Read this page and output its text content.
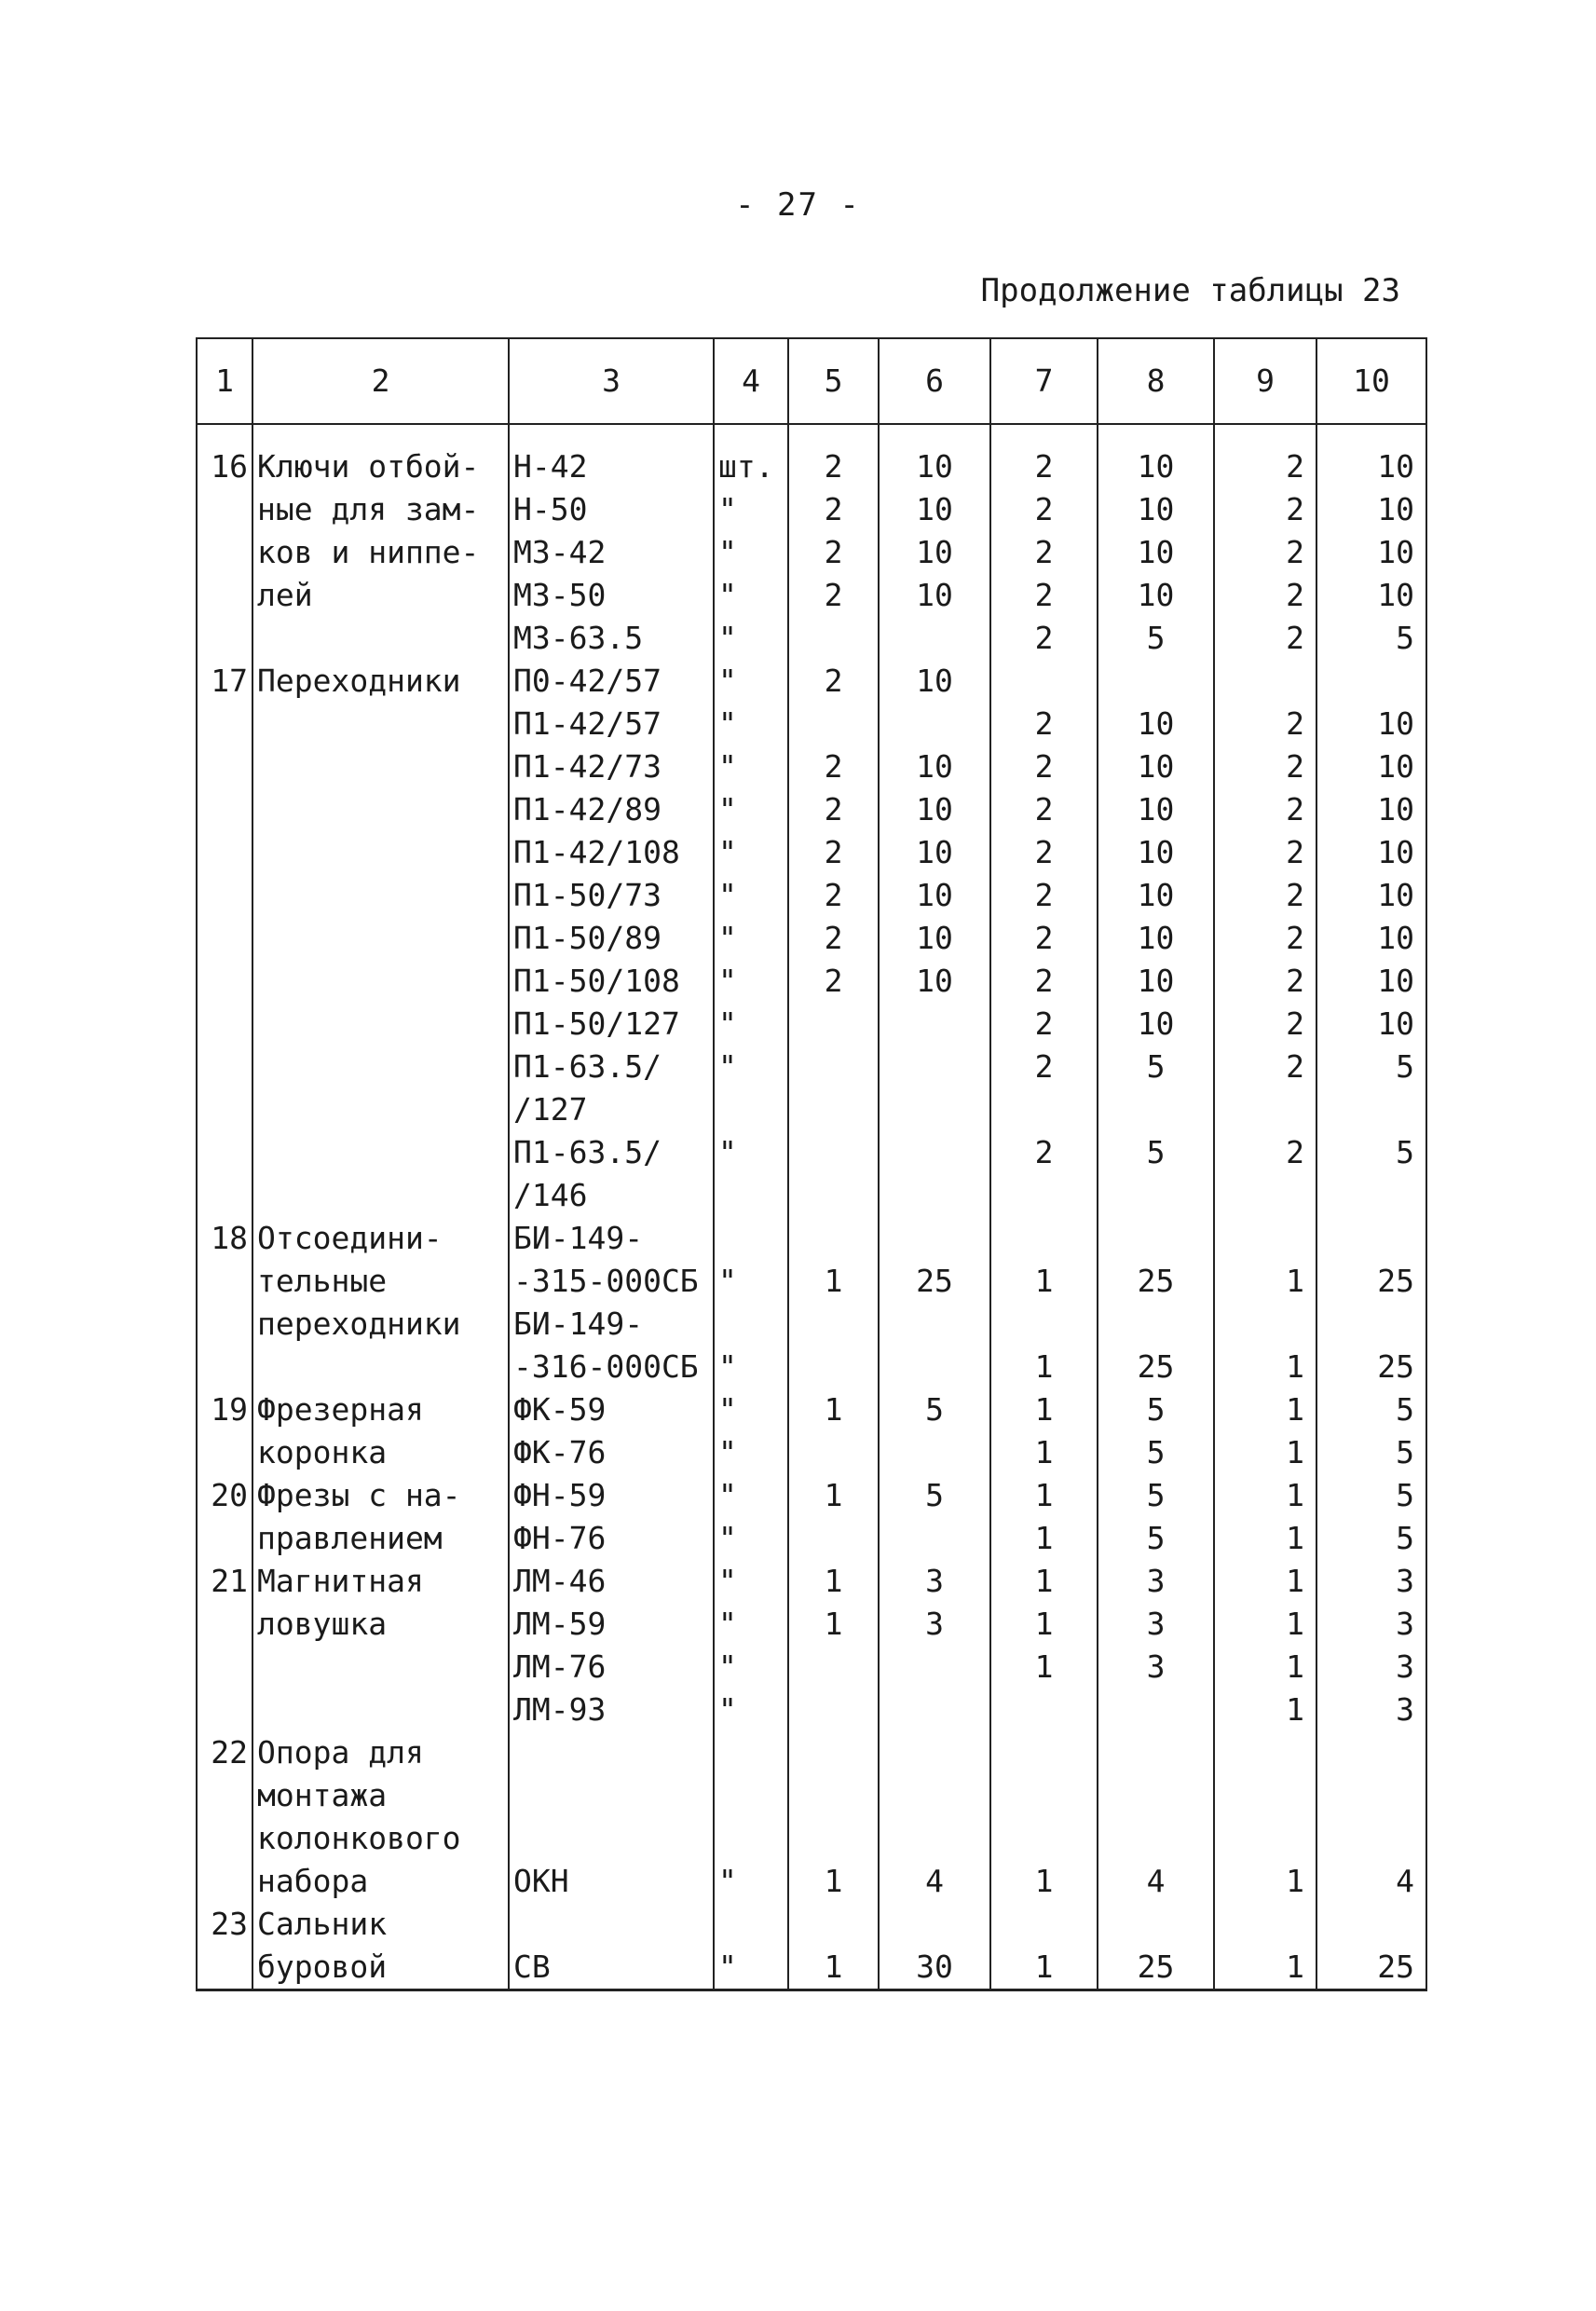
- 27 -
Продолжение таблицы 23
1	2	3	4	5	6	7	8	9	10
16	Ключи отбой-	Н-42	шт.	2	10	2	10	2	10
	ные для зам-	Н-50	"	2	10	2	10	2	10
	ков и ниппе-	М3-42	"	2	10	2	10	2	10
	лей	М3-50	"	2	10	2	10	2	10
		М3-63.5	"			2	5	2	5
17	Переходники	П0-42/57	"	2	10				
		П1-42/57	"			2	10	2	10
		П1-42/73	"	2	10	2	10	2	10
		П1-42/89	"	2	10	2	10	2	10
		П1-42/108	"	2	10	2	10	2	10
		П1-50/73	"	2	10	2	10	2	10
		П1-50/89	"	2	10	2	10	2	10
		П1-50/108	"	2	10	2	10	2	10
		П1-50/127	"			2	10	2	10
		П1-63.5/	"			2	5	2	5
		/127							
		П1-63.5/	"			2	5	2	5
		/146							
18	Отсоедини-	БИ-149-							
	тельные	-315-000СБ	"	1	25	1	25	1	25
	переходники	БИ-149-							
		-316-000СБ	"			1	25	1	25

19	Фрезерная	ФК-59	"	1	5	1	5	1	5
	коронка	ФК-76	"			1	5	1	5

20	Фрезы с на-	ФН-59	"	1	5	1	5	1	5
	правлением	ФН-76	"			1	5	1	5

21	Магнитная	ЛМ-46	"	1	3	1	3	1	3
	ловушка	ЛМ-59	"	1	3	1	3	1	3
		ЛМ-76	"			1	3	1	3
		ЛМ-93	"					1	3
22	Опора для								
	монтажа								
	колонкового								
	набора	ОКН	"	1	4	1	4	1	4
23	Сальник								
	буровой	СВ	"	1	30	1	25	1	25
